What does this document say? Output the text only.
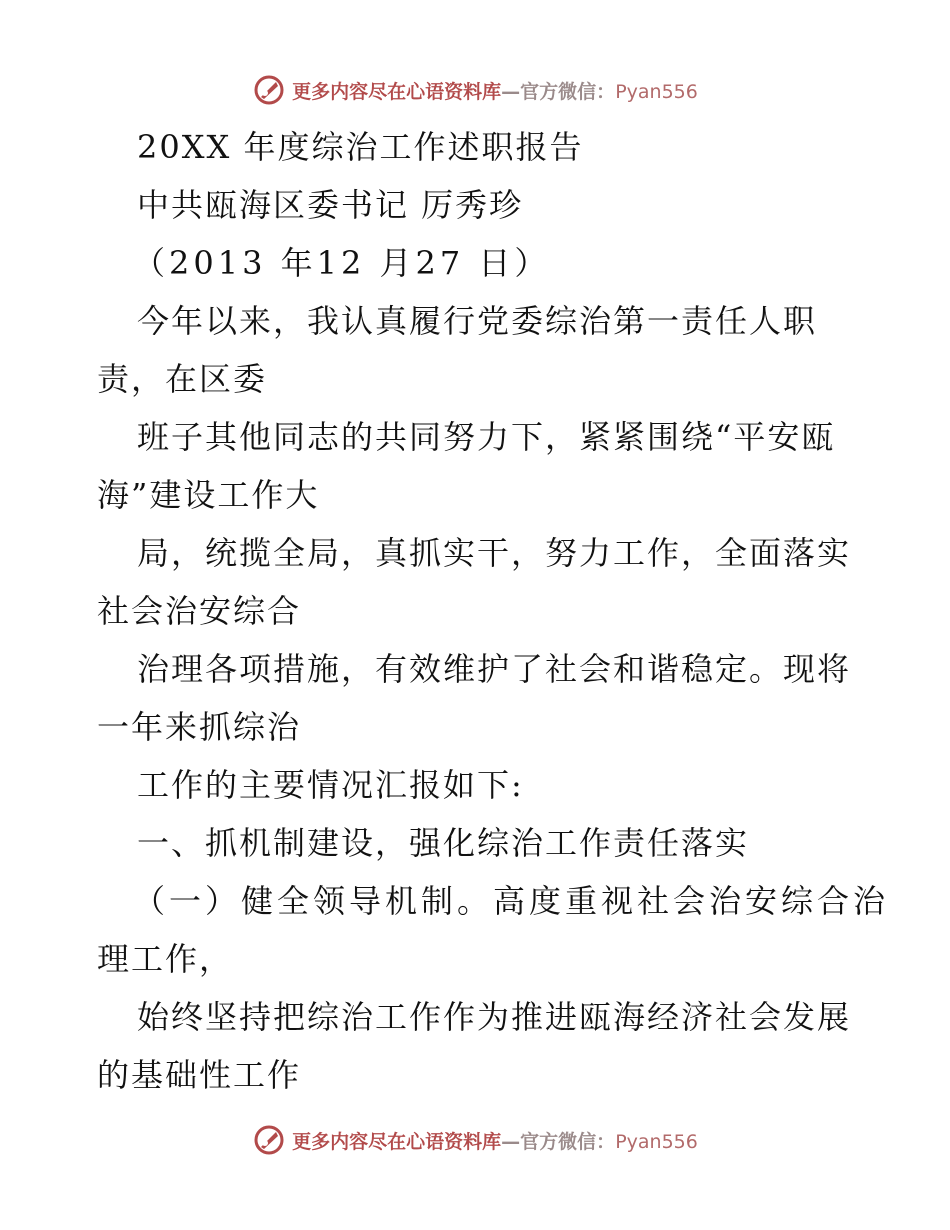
更多内容尽在心语资料库—官方微信：Pyan556
20XX 年度综治工作述职报告
中共瓯海区委书记 厉秀珍
（2013 年12 月27 日）
今年以来，我认真履行党委综治第一责任人职
责，在区委
班子其他同志的共同努力下，紧紧围绕“平安瓯
海”建设工作大
局，统揽全局，真抓实干，努力工作，全面落实
社会治安综合
治理各项措施，有效维护了社会和谐稳定。现将
一年来抓综治
工作的主要情况汇报如下:
一、抓机制建设，强化综治工作责任落实
（一）健全领导机制。高度重视社会治安综合治
理工作，
始终坚持把综治工作作为推进瓯海经济社会发展
的基础性工作
更多内容尽在心语资料库—官方微信：Pyan556
